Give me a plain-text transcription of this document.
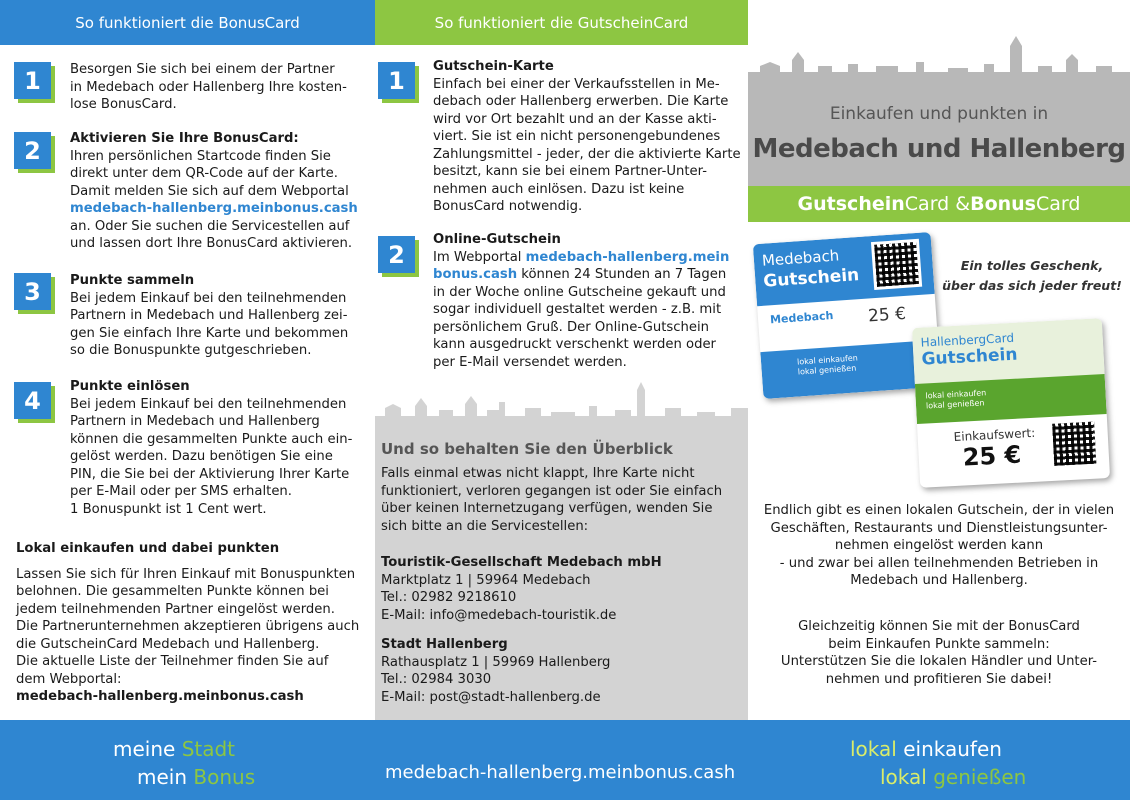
So funktioniert die BonusCard
1	Besorgen Sie sich bei einem der Partner
in Medebach oder Hallenberg Ihre kosten-
lose BonusCard.
2	Aktivieren Sie Ihre BonusCard:
Ihren persönlichen Startcode finden Sie
direkt unter dem QR-Code auf der Karte.
Damit melden Sie sich auf dem Webportal
medebach-hallenberg.meinbonus.cash
an. Oder Sie suchen die Servicestellen auf
und lassen dort Ihre BonusCard aktivieren.
3	Punkte sammeln
Bei jedem Einkauf bei den teilnehmenden
Partnern in Medebach und Hallenberg zei-
gen Sie einfach Ihre Karte und bekommen
so die Bonuspunkte gutgeschrieben.
4	Punkte einlösen
Bei jedem Einkauf bei den teilnehmenden
Partnern in Medebach und Hallenberg
können die gesammelten Punkte auch ein-
gelöst werden. Dazu benötigen Sie eine
PIN, die Sie bei der Aktivierung Ihrer Karte
per E-Mail oder per SMS erhalten.
1 Bonuspunkt ist 1 Cent wert.
Lokal einkaufen und dabei punkten
Lassen Sie sich für Ihren Einkauf mit Bonuspunkten
belohnen. Die gesammelten Punkte können bei
jedem teilnehmenden Partner eingelöst werden.
Die Partnerunternehmen akzeptieren übrigens auch
die GutscheinCard Medebach und Hallenberg.
Die aktuelle Liste der Teilnehmer finden Sie auf
dem Webportal:
medebach-hallenberg.meinbonus.cash
So funktioniert die GutscheinCard
1	Gutschein-Karte
Einfach bei einer der Verkaufsstellen in Me-
debach oder Hallenberg erwerben. Die Karte
wird vor Ort bezahlt und an der Kasse akti-
viert. Sie ist ein nicht personengebundenes
Zahlungsmittel - jeder, der die aktivierte Karte
besitzt, kann sie bei einem Partner-Unter-
nehmen auch einlösen. Dazu ist keine
BonusCard notwendig.
2
Online-Gutschein
Im Webportal medebach-hallenberg.mein
bonus.cash können 24 Stunden an 7 Tagen
in der Woche online Gutscheine gekauft und
sogar individuell gestaltet werden - z.B. mit
persönlichem Gruß. Der Online-Gutschein
kann ausgedruckt verschenkt werden oder
per E-Mail versendet werden.
Und so behalten Sie den Überblick
Falls einmal etwas nicht klappt, Ihre Karte nicht
funktioniert, verloren gegangen ist oder Sie einfach
über keinen Internetzugang verfügen, wenden Sie
sich bitte an die Servicestellen:
Touristik-Gesellschaft Medebach mbH
Marktplatz 1 | 59964 Medebach
Tel.: 02982 9218610
E-Mail: info@medebach-touristik.de
Stadt Hallenberg
Rathausplatz 1 | 59969 Hallenberg
Tel.: 02984 3030
E-Mail: post@stadt-hallenberg.de
Einkaufen und punkten in
Medebach und Hallenberg
Gutschein Card & Bonus Card
Medebach
Gutschein
Medebach 25 €
lokal einkaufen
lokal genießen
HallenbergCard
Gutschein
lokal einkaufen
lokal genießen
Einkaufswert:
25 €
Ein tolles Geschenk,
über das sich jeder freut!
Endlich gibt es einen lokalen Gutschein, der in vielen
Geschäften, Restaurants und Dienstleistungsunter-
nehmen eingelöst werden kann
- und zwar bei allen teilnehmenden Betrieben in
Medebach und Hallenberg.
Gleichzeitig können Sie mit der BonusCard
beim Einkaufen Punkte sammeln:
Unterstützen Sie die lokalen Händler und Unter-
nehmen und profitieren Sie dabei!
meine Stadt
mein Bonus	medebach-hallenberg.meinbonus.cash
lokal einkaufen
lokal genießen
